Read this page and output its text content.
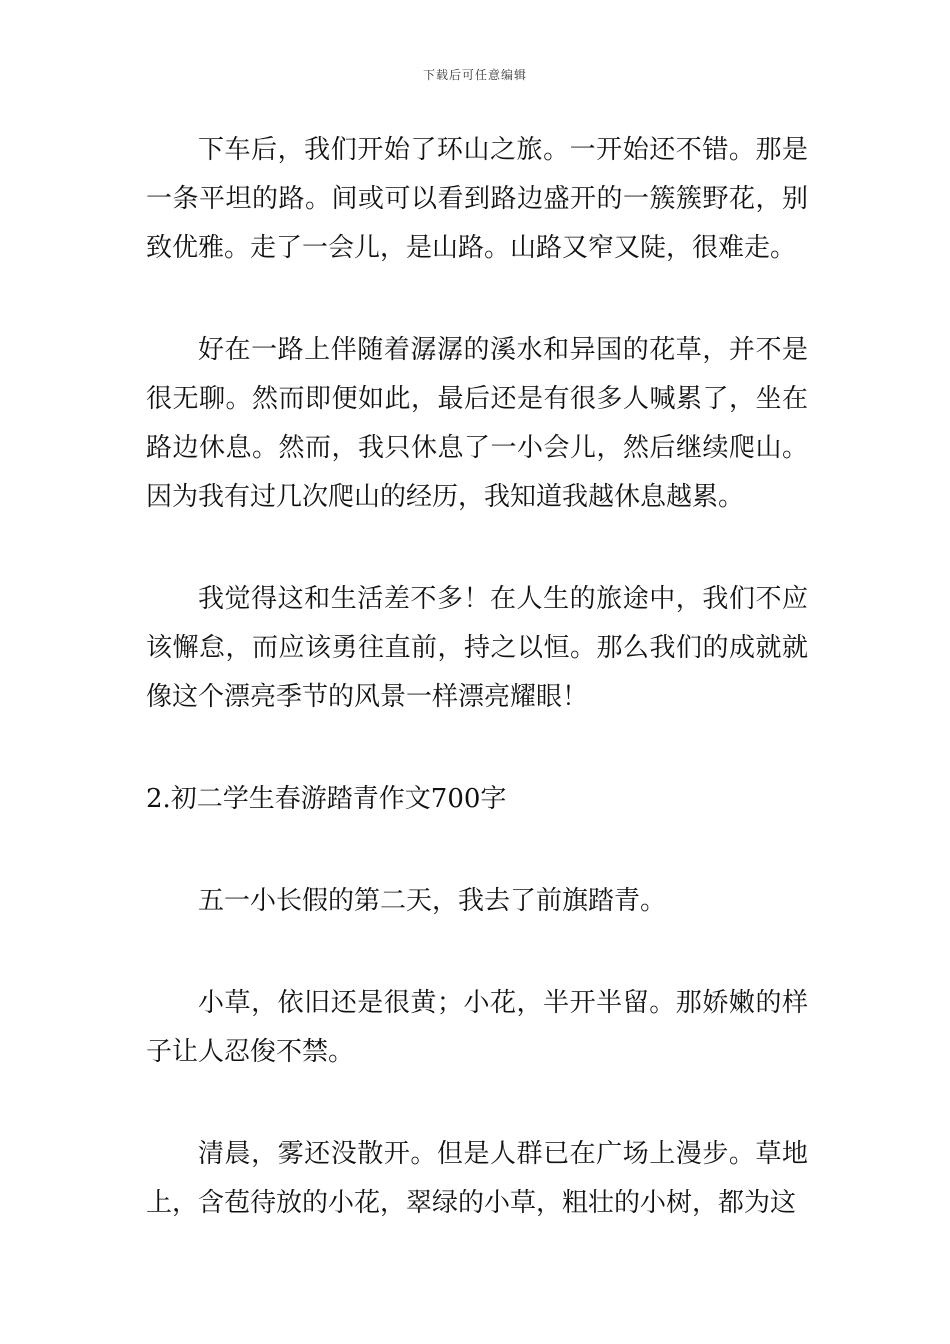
下载后可任意编辑

下车后，我们开始了环山之旅。一开始还不错。那是一条平坦的路。间或可以看到路边盛开的一簇簇野花，别致优雅。走了一会儿，是山路。山路又窄又陡，很难走。

好在一路上伴随着潺潺的溪水和异国的花草，并不是很无聊。然而即便如此，最后还是有很多人喊累了，坐在路边休息。然而，我只休息了一小会儿，然后继续爬山。因为我有过几次爬山的经历，我知道我越休息越累。

我觉得这和生活差不多！在人生的旅途中，我们不应该懈怠，而应该勇往直前，持之以恒。那么我们的成就就像这个漂亮季节的风景一样漂亮耀眼！

2.初二学生春游踏青作文700字

五一小长假的第二天，我去了前旗踏青。

小草，依旧还是很黄；小花，半开半留。那娇嫩的样子让人忍俊不禁。

清晨，雾还没散开。但是人群已在广场上漫步。草地上，含苞待放的小花，翠绿的小草，粗壮的小树，都为这
